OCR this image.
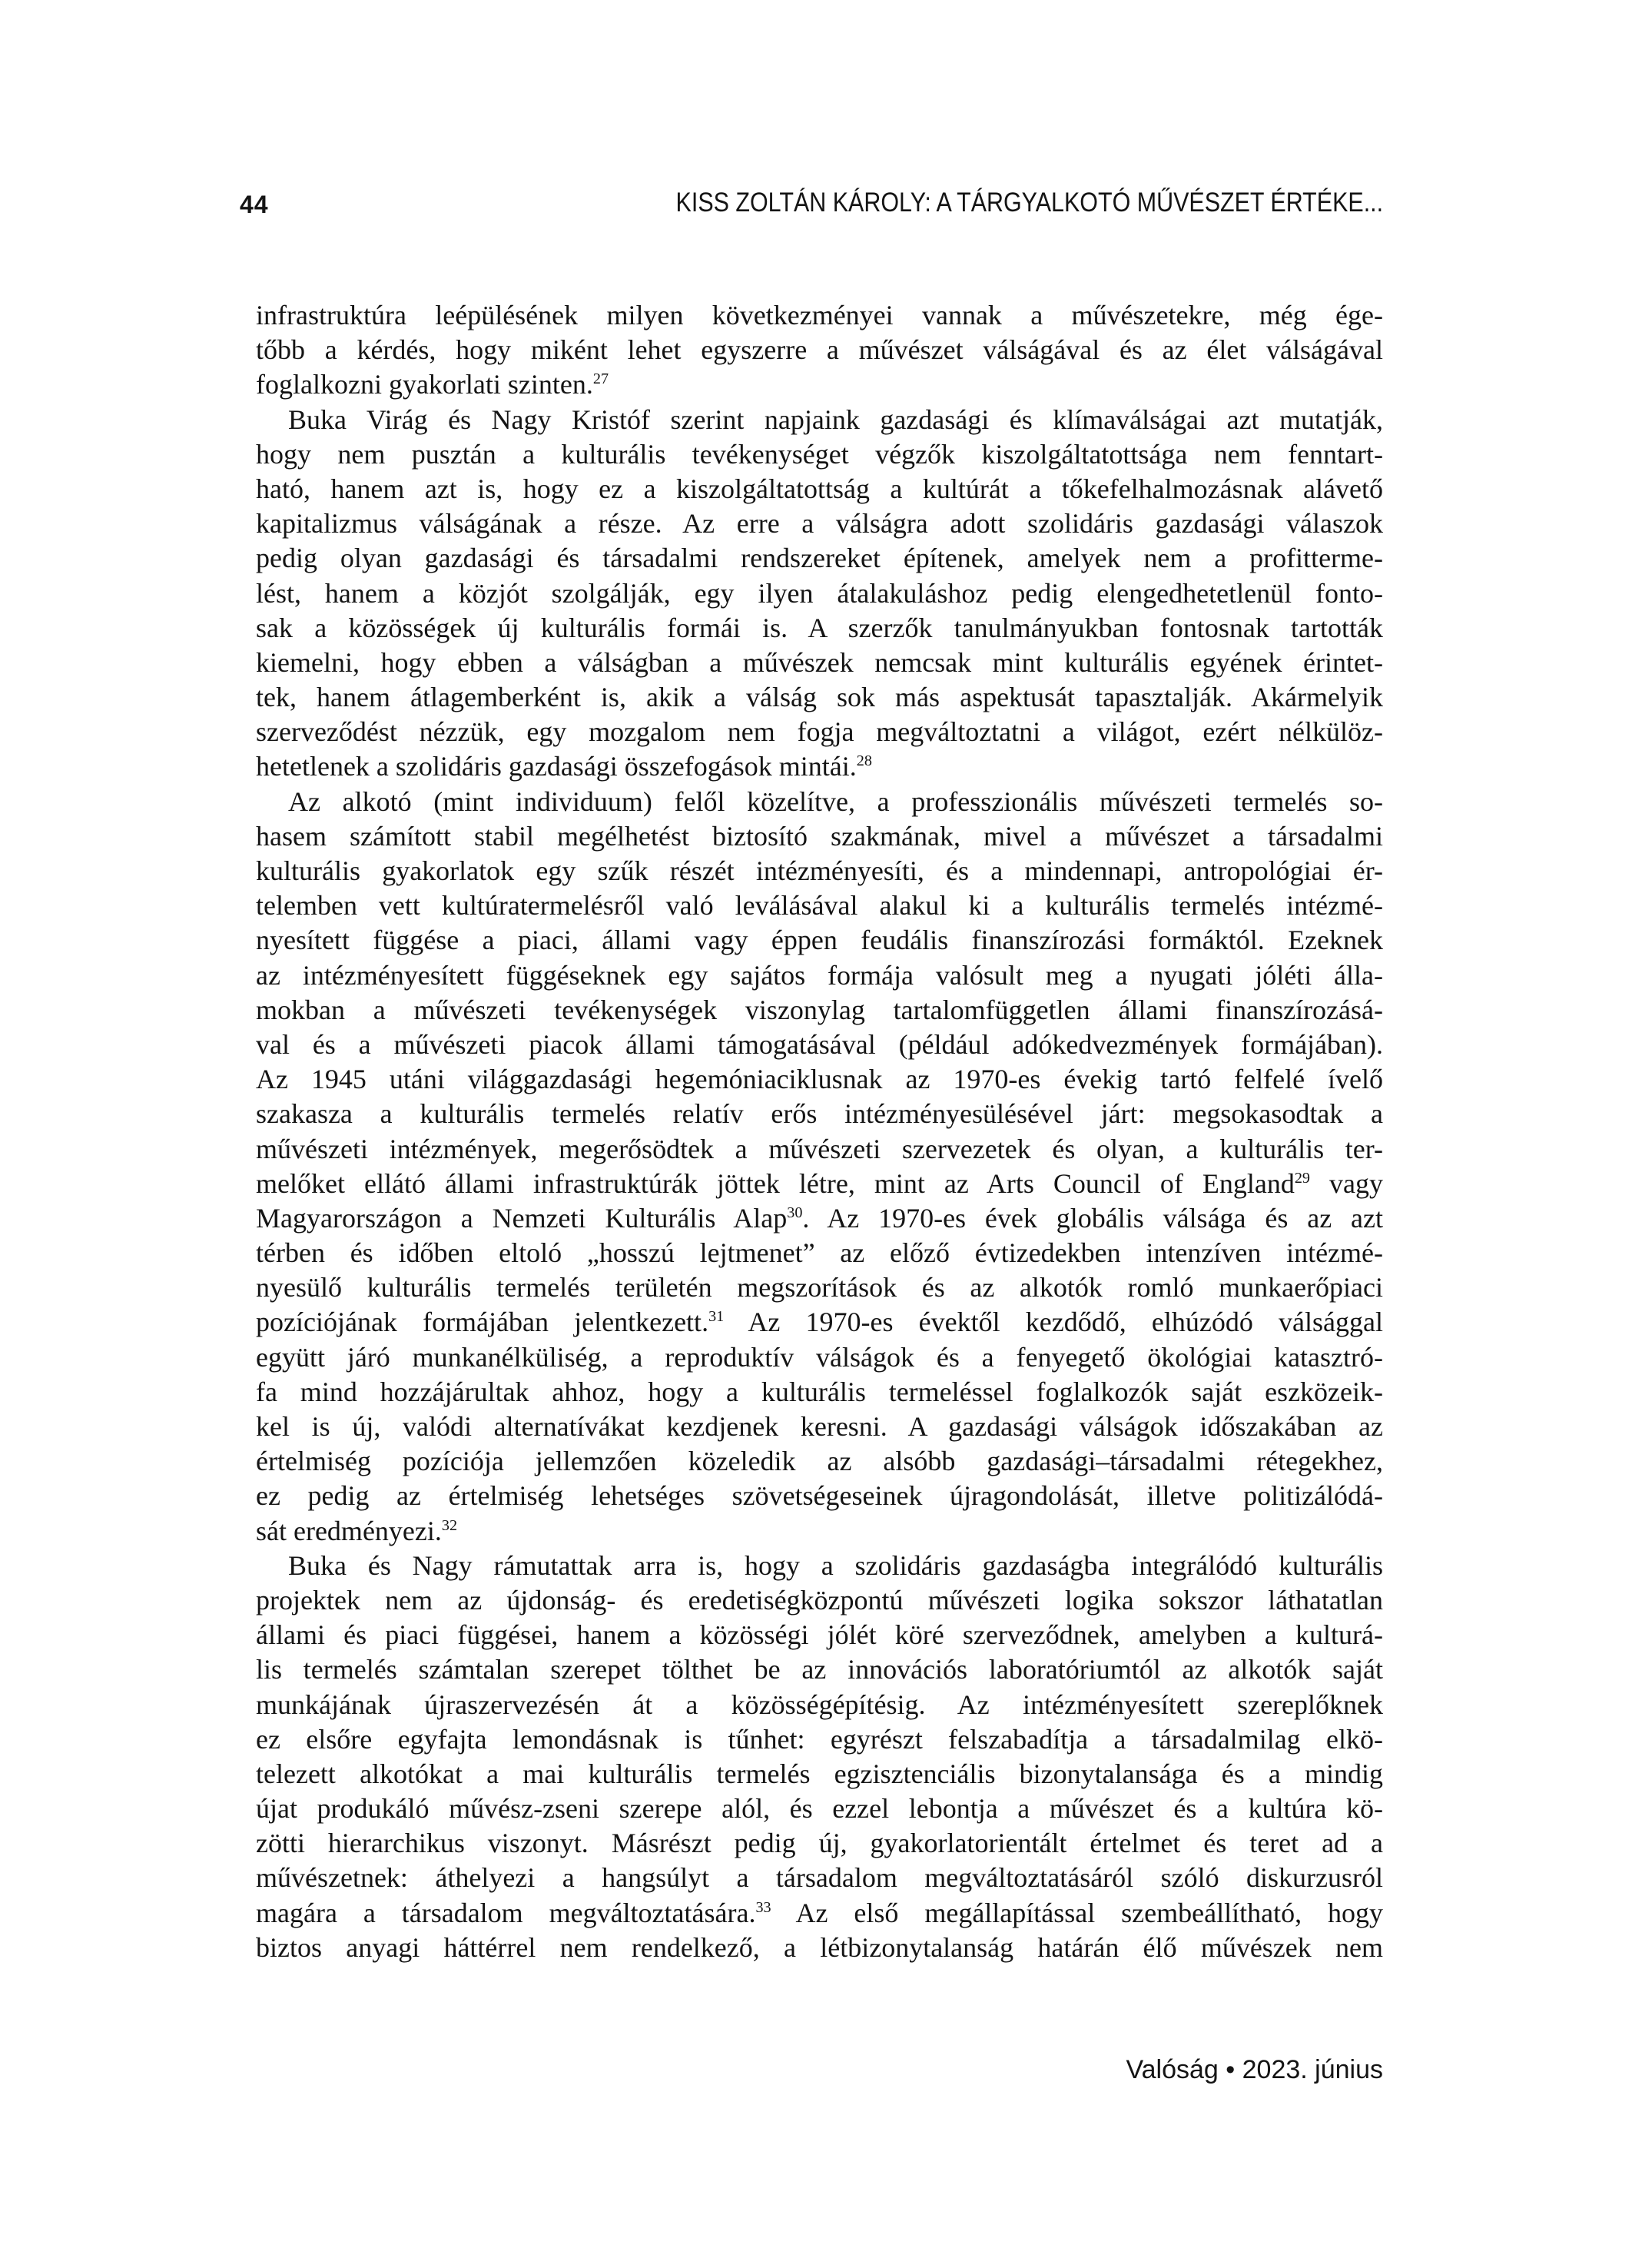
44	KISS ZOLTÁN KÁROLY: A TÁRGYALKOTÓ MŰVÉSZET ÉRTÉKE...
infrastruktúra leépülésének milyen következményei vannak a művészetekre, még ége-
tőbb a kérdés, hogy miként lehet egyszerre a művészet válságával és az élet válságával
foglalkozni gyakorlati szinten.$^{27}$
Buka Virág és Nagy Kristóf szerint napjaink gazdasági és klímaválságai azt mutatják,
hogy nem pusztán a kulturális tevékenységet végzők kiszolgáltatottsága nem fenntart-
ható, hanem azt is, hogy ez a kiszolgáltatottság a kultúrát a tőkefelhalmozásnak alávető
kapitalizmus válságának a része. Az erre a válságra adott szolidáris gazdasági válaszok
pedig olyan gazdasági és társadalmi rendszereket építenek, amelyek nem a profitterme-
lést, hanem a közjót szolgálják, egy ilyen átalakuláshoz pedig elengedhetetlenül fonto-
sak a közösségek új kulturális formái is. A szerzők tanulmányukban fontosnak tartották
kiemelni, hogy ebben a válságban a művészek nemcsak mint kulturális egyének érintet-
tek, hanem átlagemberként is, akik a válság sok más aspektusát tapasztalják. Akármelyik
szerveződést nézzük, egy mozgalom nem fogja megváltoztatni a világot, ezért nélkülöz-
hetetlenek a szolidáris gazdasági összefogások mintái.$^{28}$
Az alkotó (mint individuum) felől közelítve, a professzionális művészeti termelés so-
hasem számított stabil megélhetést biztosító szakmának, mivel a művészet a társadalmi
kulturális gyakorlatok egy szűk részét intézményesíti, és a mindennapi, antropológiai ér-
telemben vett kultúratermelésről való leválásával alakul ki a kulturális termelés intézmé-
nyesített függése a piaci, állami vagy éppen feudális finanszírozási formáktól. Ezeknek
az intézményesített függéseknek egy sajátos formája valósult meg a nyugati jóléti álla-
mokban a művészeti tevékenységek viszonylag tartalomfüggetlen állami finanszírozásá-
val és a művészeti piacok állami támogatásával (például adókedvezmények formájában).
Az 1945 utáni világgazdasági hegemóniaciklusnak az 1970-es évekig tartó felfelé ívelő
szakasza a kulturális termelés relatív erős intézményesülésével járt: megsokasodtak a
művészeti intézmények, megerősödtek a művészeti szervezetek és olyan, a kulturális ter-
melőket ellátó állami infrastruktúrák jöttek létre, mint az Arts Council of England$^{29}$ vagy
Magyarországon a Nemzeti Kulturális Alap$^{30}$. Az 1970-es évek globális válsága és az azt
térben és időben eltoló „hosszú lejtmenet” az előző évtizedekben intenzíven intézmé-
nyesülő kulturális termelés területén megszorítások és az alkotók romló munkaerőpiaci
pozíciójának formájában jelentkezett.$^{31}$ Az 1970-es évektől kezdődő, elhúzódó válsággal
együtt járó munkanélküliség, a reproduktív válságok és a fenyegető ökológiai katasztró-
fa mind hozzájárultak ahhoz, hogy a kulturális termeléssel foglalkozók saját eszközeik-
kel is új, valódi alternatívákat kezdjenek keresni. A gazdasági válságok időszakában az
értelmiség pozíciója jellemzően közeledik az alsóbb gazdasági–társadalmi rétegekhez,
ez pedig az értelmiség lehetséges szövetségeseinek újragondolását, illetve politizálódá-
sát eredményezi.$^{32}$
Buka és Nagy rámutattak arra is, hogy a szolidáris gazdaságba integrálódó kulturális
projektek nem az újdonság- és eredetiségközpontú művészeti logika sokszor láthatatlan
állami és piaci függései, hanem a közösségi jólét köré szerveződnek, amelyben a kulturá-
lis termelés számtalan szerepet tölthet be az innovációs laboratóriumtól az alkotók saját
munkájának újraszervezésén át a közösségépítésig. Az intézményesített szereplőknek
ez elsőre egyfajta lemondásnak is tűnhet: egyrészt felszabadítja a társadalmilag elkö-
telezett alkotókat a mai kulturális termelés egzisztenciális bizonytalansága és a mindig
újat produkáló művész-zseni szerepe alól, és ezzel lebontja a művészet és a kultúra kö-
zötti hierarchikus viszonyt. Másrészt pedig új, gyakorlatorientált értelmet és teret ad a
művészetnek: áthelyezi a hangsúlyt a társadalom megváltoztatásáról szóló diskurzusról
magára a társadalom megváltoztatására.$^{33}$ Az első megállapítással szembeállítható, hogy
biztos anyagi háttérrel nem rendelkező, a létbizonytalanság határán élő művészek nem
Valóság • 2023. június
